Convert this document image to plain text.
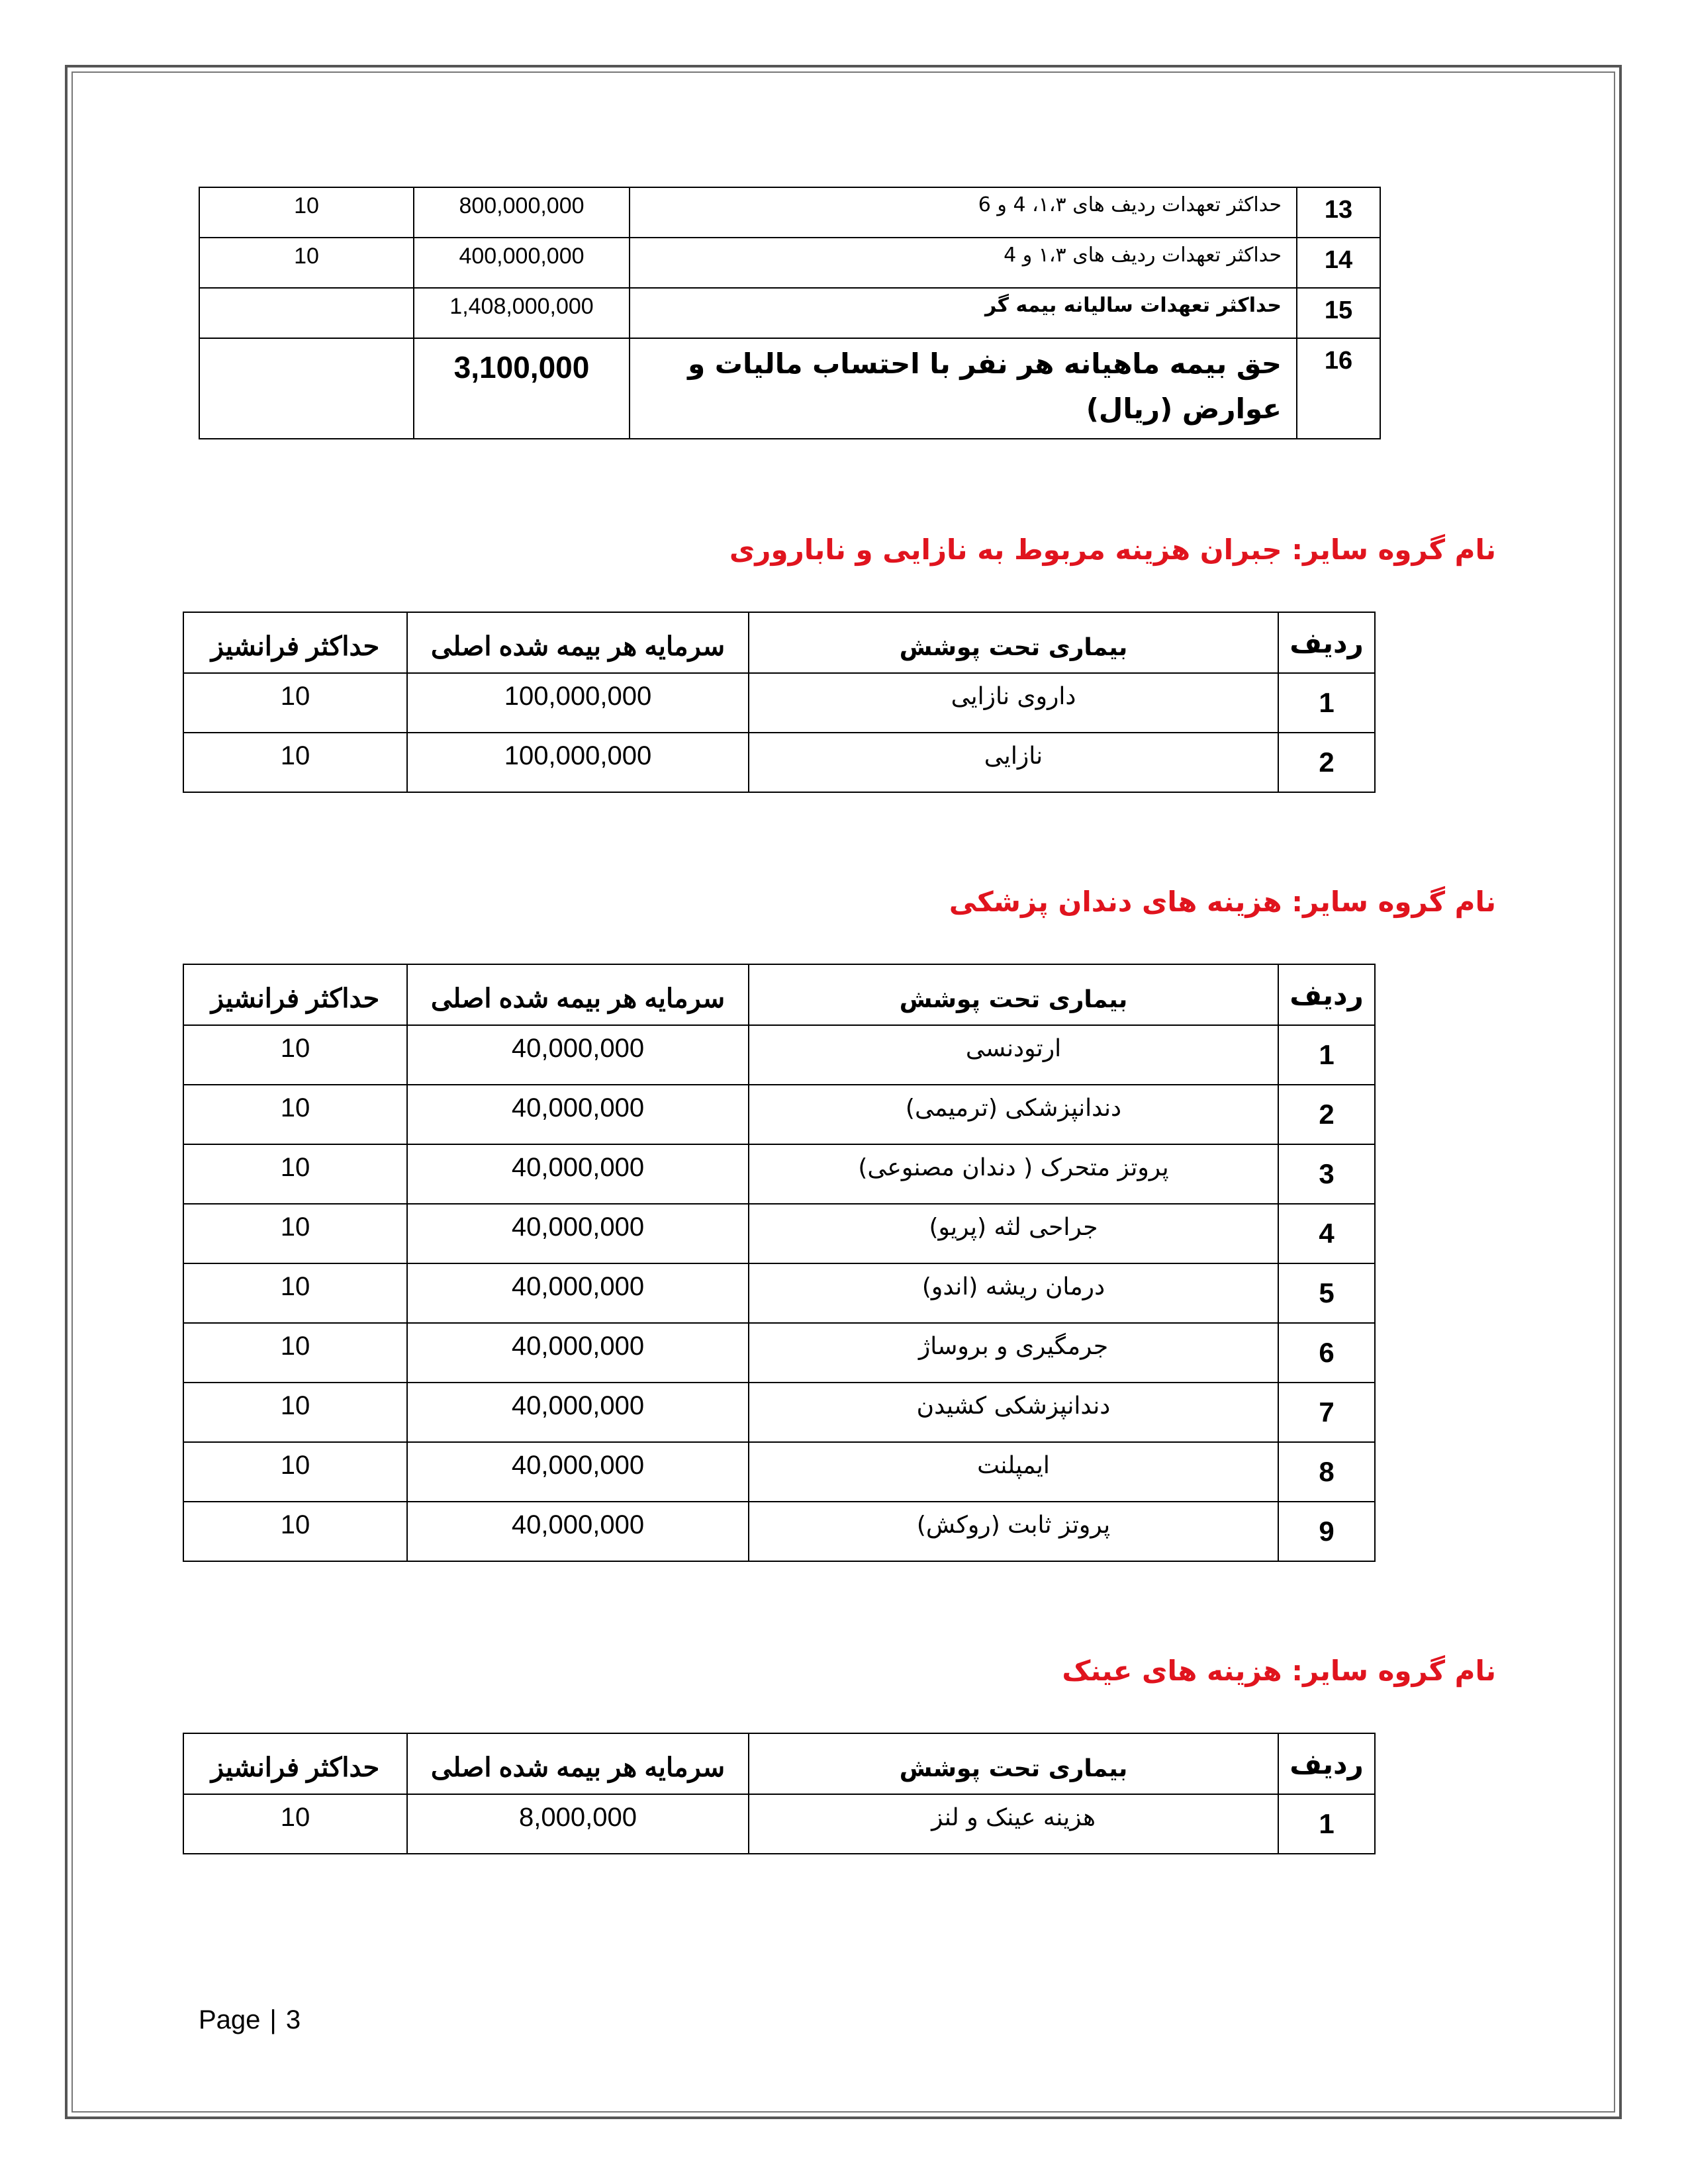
10	800,000,000	حداکثر تعهدات ردیف های ۱،۳، 4 و 6	13
10	400,000,000	حداکثر تعهدات ردیف های ۱،۳ و 4	14
	1,408,000,000	حداکثر تعهدات سالیانه بیمه گر	15
	3,100,000	حق بیمه ماهیانه هر نفر با احتساب مالیات و عوارض (ریال)	16
نام گروه سایر: جبران هزینه مربوط به نازایی و ناباروری
حداکثر فرانشیز	سرمایه هر بیمه شده اصلی	بیماری تحت پوشش	ردیف
10	100,000,000	داروی نازایی	1
10	100,000,000	نازایی	2
نام گروه سایر: هزینه های دندان پزشکی
حداکثر فرانشیز	سرمایه هر بیمه شده اصلی	بیماری تحت پوشش	ردیف
10	40,000,000	ارتودنسی	1
10	40,000,000	دندانپزشکی (ترمیمی)	2
10	40,000,000	پروتز متحرک ( دندان مصنوعی)	3
10	40,000,000	جراحی لثه (پریو)	4
10	40,000,000	درمان ریشه (اندو)	5
10	40,000,000	جرمگیری و بروساژ	6
10	40,000,000	دندانپزشکی کشیدن	7
10	40,000,000	ایمپلنت	8
10	40,000,000	پروتز ثابت (روکش)	9
نام گروه سایر: هزینه های عینک
حداکثر فرانشیز	سرمایه هر بیمه شده اصلی	بیماری تحت پوشش	ردیف
10	8,000,000	هزینه عینک و لنز	1
Page | 3
